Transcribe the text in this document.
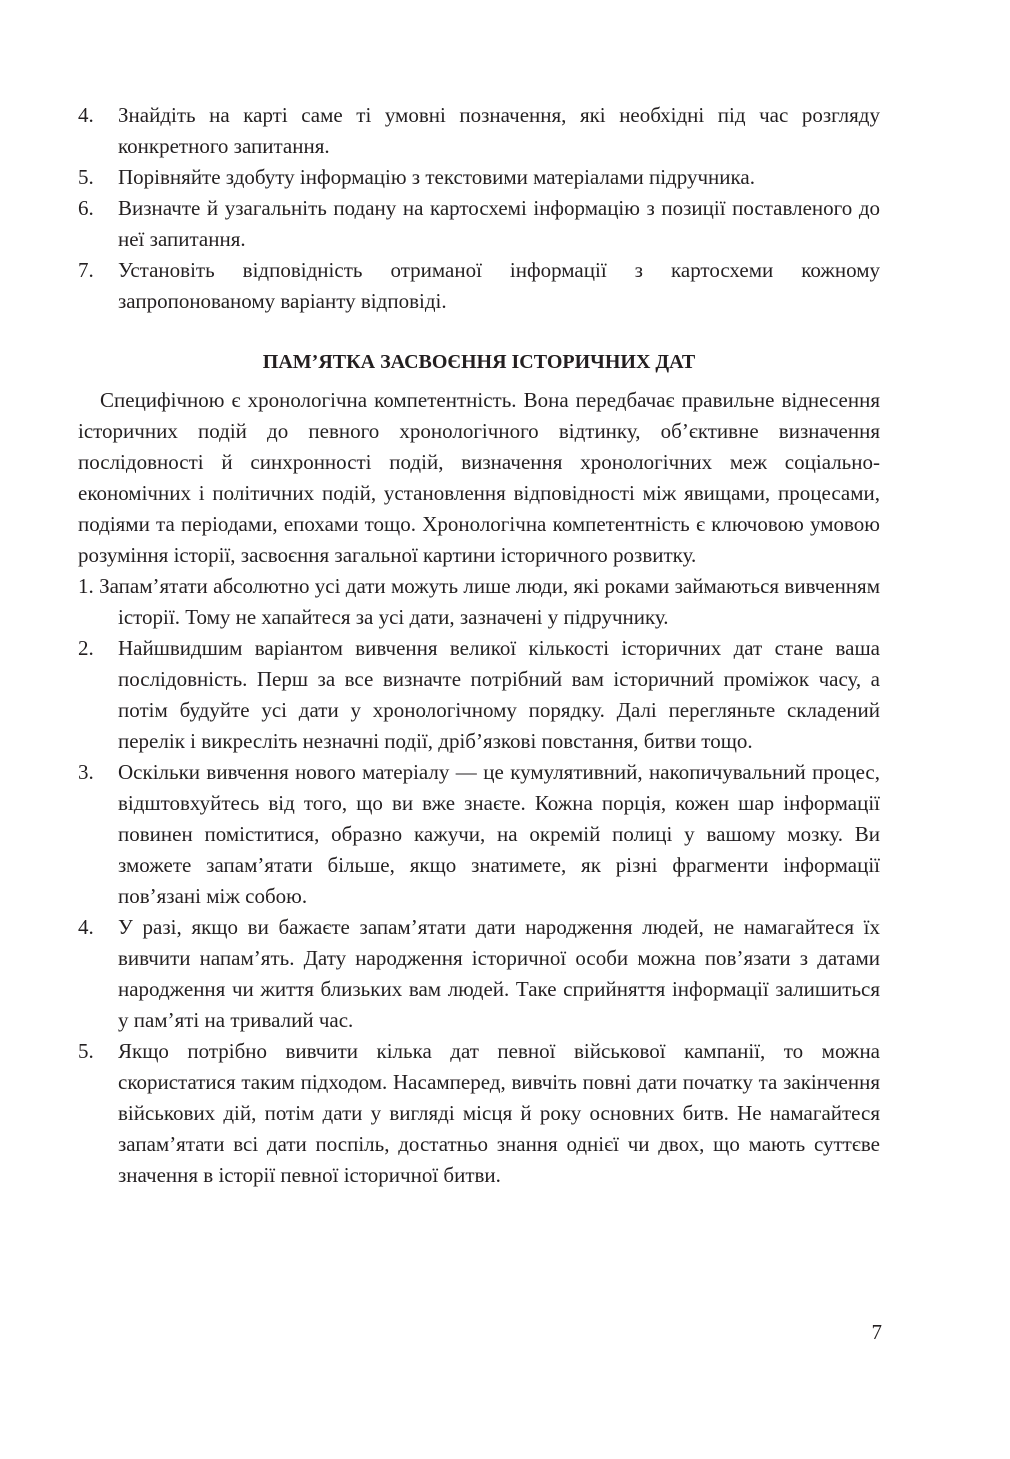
4. Знайдіть на карті саме ті умовні позначення, які необхідні під час розгляду конкретного запитання.
5. Порівняйте здобуту інформацію з текстовими матеріалами підручника.
6. Визначте й узагальніть подану на картосхемі інформацію з позиції поставленого до неї запитання.
7. Установіть відповідність отриманої інформації з картосхеми кожному запропонованому варіанту відповіді.
ПАМ’ЯТКА ЗАСВОЄННЯ ІСТОРИЧНИХ ДАТ
Специфічною є хронологічна компетентність. Вона передбачає правильне віднесення історичних подій до певного хронологічного відтинку, об’єктивне визначення послідовності й синхронності подій, визначення хронологічних меж соціально-економічних і політичних подій, установлення відповідності між явищами, процесами, подіями та періодами, епохами тощо. Хронологічна компетентність є ключовою умовою розуміння історії, засвоєння загальної картини історичного розвитку.
1. Запам’ятати абсолютно усі дати можуть лише люди, які роками займаються вивченням історії. Тому не хапайтеся за усі дати, зазначені у підручнику.
2. Найшвидшим варіантом вивчення великої кількості історичних дат стане ваша послідовність. Перш за все визначте потрібний вам історичний проміжок часу, а потім будуйте усі дати у хронологічному порядку. Далі перегляньте складений перелік і викресліть незначні події, дріб’язкові повстання, битви тощо.
3. Оскільки вивчення нового матеріалу — це кумулятивний, накопичувальний процес, відштовхуйтесь від того, що ви вже знаєте. Кожна порція, кожен шар інформації повинен поміститися, образно кажучи, на окремій полиці у вашому мозку. Ви зможете запам’ятати більше, якщо знатимете, як різні фрагменти інформації пов’язані між собою.
4. У разі, якщо ви бажаєте запам’ятати дати народження людей, не намагайтеся їх вивчити напам’ять. Дату народження історичної особи можна пов’язати з датами народження чи життя близьких вам людей. Таке сприйняття інформації залишиться у пам’яті на тривалий час.
5. Якщо потрібно вивчити кілька дат певної військової кампанії, то можна скористатися таким підходом. Насамперед, вивчіть повні дати початку та закінчення військових дій, потім дати у вигляді місця й року основних битв. Не намагайтеся запам’ятати всі дати поспіль, достатньо знання однієї чи двох, що мають суттєве значення в історії певної історичної битви.
7
